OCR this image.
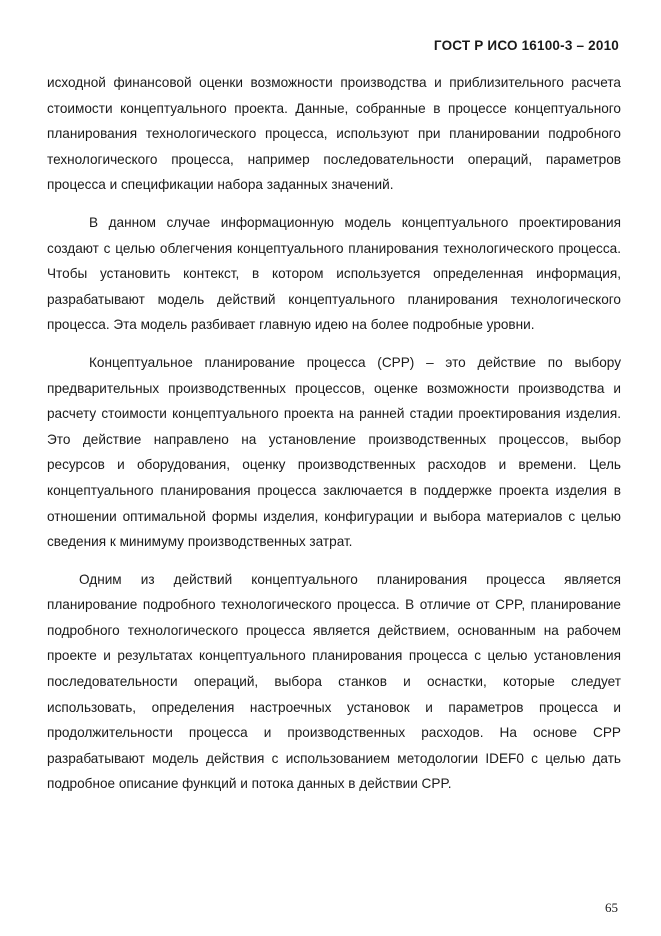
ГОСТ Р ИСО 16100-3 – 2010

исходной финансовой оценки возможности производства и приблизительного расчета стоимости концептуального проекта. Данные, собранные в процессе концептуального планирования технологического процесса, используют при планировании подробного технологического процесса, например последовательности операций, параметров процесса и спецификации набора заданных значений.

В данном случае информационную модель концептуального проектирования создают с целью облегчения концептуального планирования технологического процесса. Чтобы установить контекст, в котором используется определенная информация, разрабатывают модель действий концептуального планирования технологического процесса. Эта модель разбивает главную идею на более подробные уровни.

Концептуальное планирование процесса (CPP) – это действие по выбору предварительных производственных процессов, оценке возможности производства и расчету стоимости концептуального проекта на ранней стадии проектирования изделия. Это действие направлено на установление производственных процессов, выбор ресурсов и оборудования, оценку производственных расходов и времени. Цель концептуального планирования процесса заключается в поддержке проекта изделия в отношении оптимальной формы изделия, конфигурации и выбора материалов с целью сведения к минимуму производственных затрат.

Одним из действий концептуального планирования процесса является планирование подробного технологического процесса. В отличие от CPP, планирование подробного технологического процесса является действием, основанным на рабочем проекте и результатах концептуального планирования процесса с целью установления последовательности операций, выбора станков и оснастки, которые следует использовать, определения настроечных установок и параметров процесса и продолжительности процесса и производственных расходов. На основе CPP разрабатывают модель действия с использованием методологии IDEF0 с целью дать подробное описание функций и потока данных в действии CPP.

65
